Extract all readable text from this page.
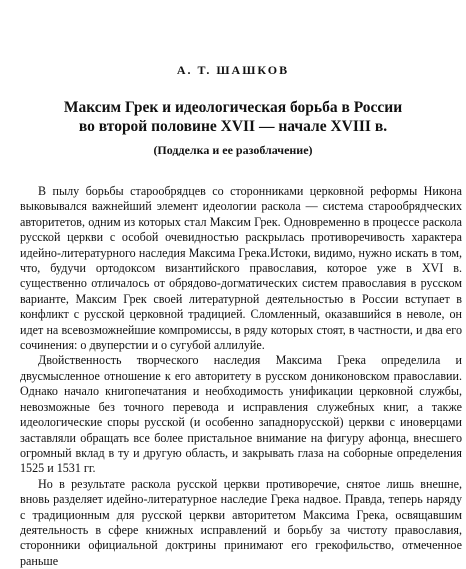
А. Т. ШАШКОВ
Максим Грек и идеологическая борьба в России
во второй половине XVII — начале XVIII в.
(Подделка и ее разоблачение)

В пылу борьбы старообрядцев со сторонниками церковной реформы Никона выковывался важнейший элемент идеологии раскола — система старообрядческих авторитетов, одним из которых стал Максим Грек. Одновременно в процессе раскола русской церкви с особой очевидностью раскрылась противоречивость характера идейно-литературного наследия Максима Грека.Истоки, видимо, нужно искать в том, что, будучи ортодоксом византийского православия, которое уже в XVI в. существенно отличалось от обрядово-догматических систем православия в русском варианте, Максим Грек своей литературной деятельностью в России вступает в конфликт с русской церковной традицией. Сломленный, оказавшийся в неволе, он идет на всевозможнейшие компромиссы, в ряду которых стоят, в частности, и два его сочинения: о двуперстии и о сугубой аллилуйе.

Двойственность творческого наследия Максима Грека определила и двусмысленное отношение к его авторитету в русском дониконовском православии. Однако начало книгопечатания и необходимость унификации церковной службы, невозможные без точного перевода и исправления служебных книг, а также идеологические споры русской (и особенно западнорусской) церкви с иноверцами заставляли обращать все более пристальное внимание на фигуру афонца, внесшего огромный вклад в ту и другую область, и закрывать глаза на соборные определения 1525 и 1531 гг.

Но в результате раскола русской церкви противоречие, снятое лишь внешне, вновь разделяет идейно-литературное наследие Грека надвое. Правда, теперь наряду с традиционным для русской церкви авторитетом Максима Грека, освящавшим деятельность в сфере книжных исправлений и борьбу за чистоту православия, сторонники официальной доктрины принимают его грекофильство, отмеченное раньше
